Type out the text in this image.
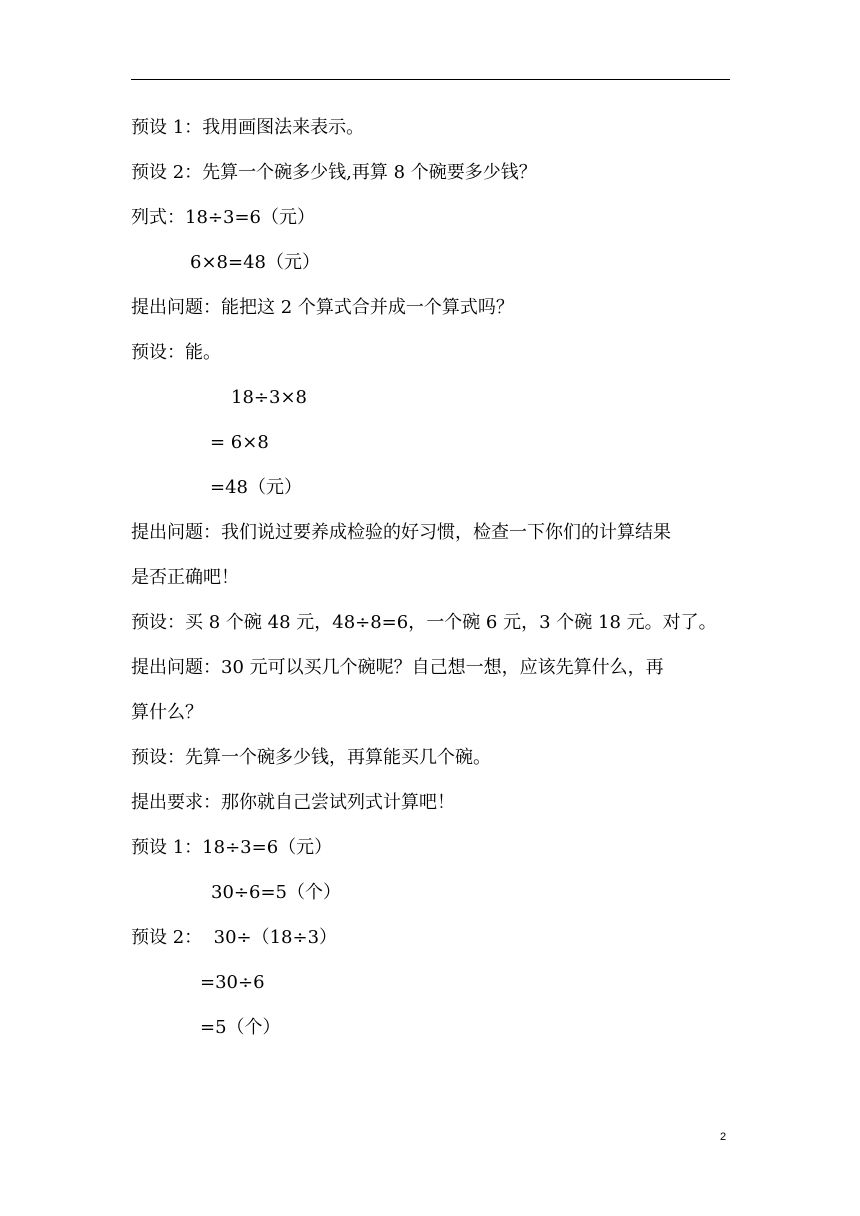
预设 1：我用画图法来表示。
预设 2：先算一个碗多少钱,再算 8 个碗要多少钱？
列式：18÷3=6（元）
6×8=48（元）
提出问题：能把这 2 个算式合并成一个算式吗？
预设：能。
18÷3×8
= 6×8
=48（元）
提出问题：我们说过要养成检验的好习惯，检查一下你们的计算结果
是否正确吧！
预设：买 8 个碗 48 元，48÷8=6，一个碗 6 元，3 个碗 18 元。对了。
提出问题：30 元可以买几个碗呢？自己想一想，应该先算什么，再
算什么？
预设：先算一个碗多少钱，再算能买几个碗。
提出要求：那你就自己尝试列式计算吧！
预设 1：18÷3=6（元）
30÷6=5（个）
预设 2：  30÷（18÷3）
=30÷6
=5（个）
2
